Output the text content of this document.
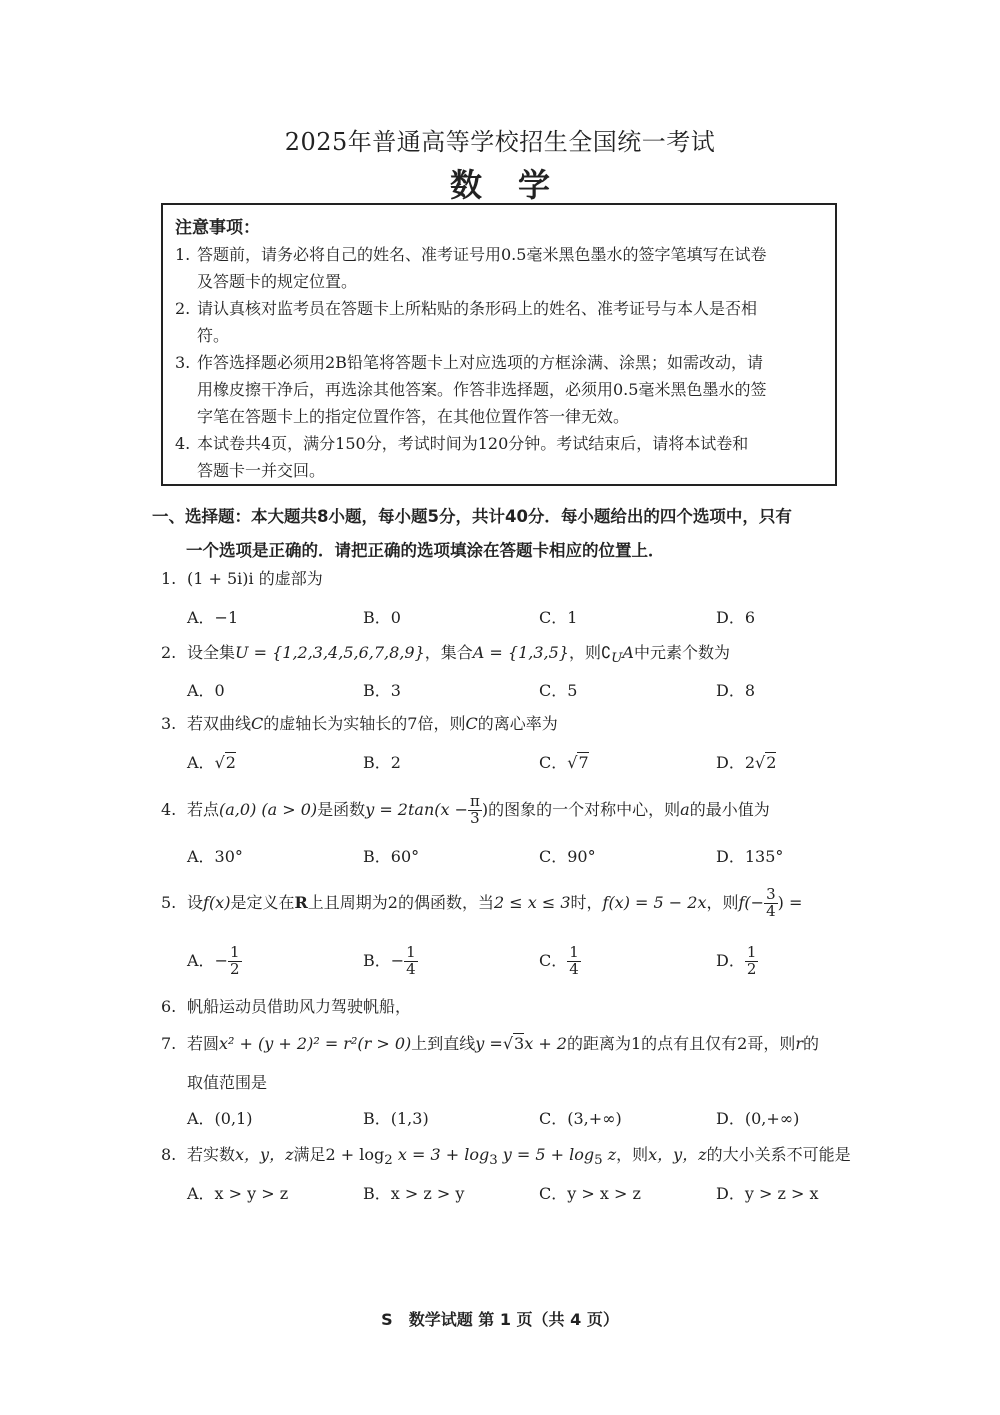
2025年普通高等学校招生全国统一考试
数学
注意事项：
1. 答题前，请务必将自己的姓名、准考证号用0.5毫米黑色墨水的签字笔填写在试卷
及答题卡的规定位置。
2. 请认真核对监考员在答题卡上所粘贴的条形码上的姓名、准考证号与本人是否相
符。
3. 作答选择题必须用2B铅笔将答题卡上对应选项的方框涂满、涂黑；如需改动，请
用橡皮擦干净后，再选涂其他答案。作答非选择题，必须用0.5毫米黑色墨水的签
字笔在答题卡上的指定位置作答，在其他位置作答一律无效。
4. 本试卷共4页，满分150分，考试时间为120分钟。考试结束后，请将本试卷和
答题卡一并交回。
一、选择题：本大题共8小题，每小题5分，共计40分．每小题给出的四个选项中，只有
一个选项是正确的．请把正确的选项填涂在答题卡相应的位置上．
1. (1 + 5i)i 的虚部为
A．−1	B．0	C．1	D．6
2. 设全集U = {1,2,3,4,5,6,7,8,9}，集合A = {1,3,5}，则$∁_UA$中元素个数为
A．0	B．3	C．5	D．8
3. 若双曲线C的虚轴长为实轴长的7倍，则C的离心率为
A．√2	B．2	C．√7	D．2√2
4. 若点(a,0) (a > 0)是函数$y = 2\tan(x - \frac{\pi}{3}$ )的图象的一个对称中心，则a的最小值为
A．30°	B．60°	C．90°	D．135°
5. 设f(x)是定义在R上且周期为2的偶函数，当2 ≤ x ≤ 3时，f(x) = 5 − 2x，则$f(- \frac{3}{4}$ ) =
A．− $\frac{1}{2}$	B．− $\frac{1}{4}$	C． $\frac{1}{4}$	D． $\frac{1}{2}$
6. 帆船运动员借助风力驾驶帆船，
7. 若圆x² + (y + 2)² = r²(r > 0)上到直线y =√3x + 2的距离为1的点有且仅有2哥，则r的
取值范围是
A．(0,1)	B．(1,3)	C．(3,+∞)	D．(0,+∞)
8. 若实数x，y，z满足$2 + \log_2 x = 3 + \log_3 y = 5 + \log_5 z$，则x，y，z的大小关系不可能是
A．x > y > z	B．x > z > y	C．y > x > z	D．y > z > x
S　数学试题 第 1 页（共 4 页）
